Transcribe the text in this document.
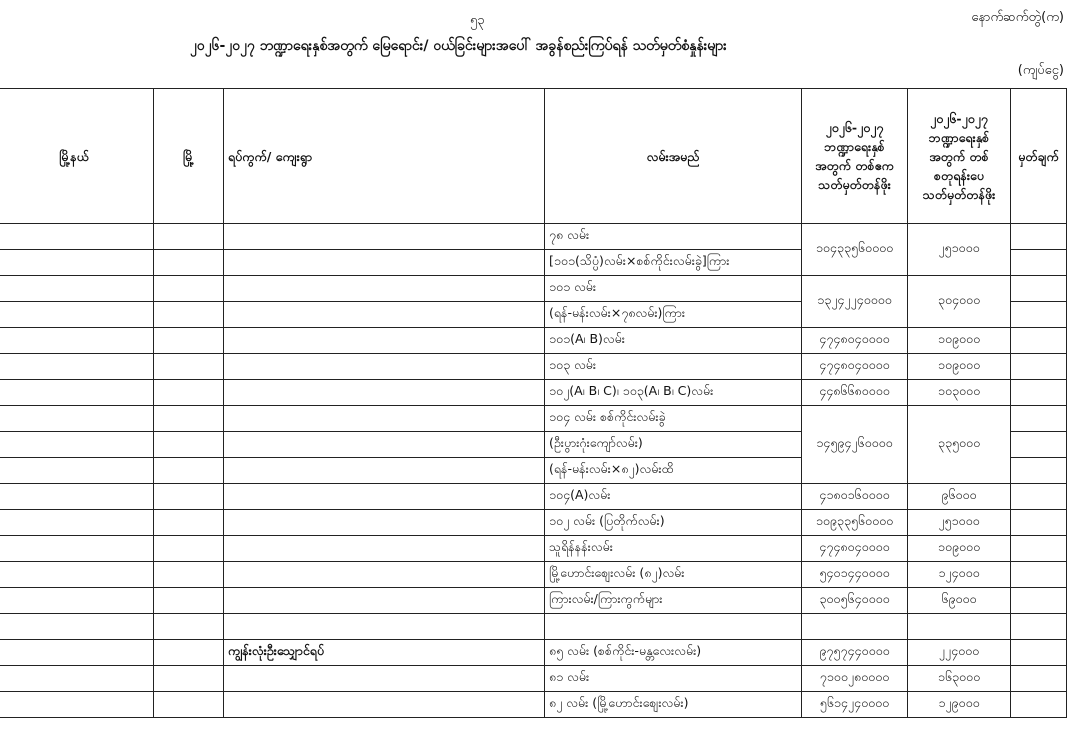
၅၃	နောက်ဆက်တွဲ(က)
၂၀၂၆-၂၀၂၇ ဘဏ္ဍာရေးနှစ်အတွက် မြေရောင်း/ ဝယ်ခြင်းများအပေါ် အခွန်စည်းကြပ်ရန် သတ်မှတ်စံနှုန်းများ
(ကျပ်ငွေ)
မြို့နယ်	မြို့	ရပ်ကွက်/ ကျေးရွာ	လမ်းအမည်	၂၀၂၆-၂၀၂၇ ဘဏ္ဍာရေးနှစ် အတွက် တစ်ဧက သတ်မှတ်တန်ဖိုး	၂၀၂၆-၂၀၂၇ ဘဏ္ဍာရေးနှစ် အတွက် တစ်စတုရန်းပေ သတ်မှတ်တန်ဖိုး	မှတ်ချက်
			၇၈ လမ်း	၁၀၄၃၃၅၆၀၀၀၀	၂၅၁၀၀၀	
			[၁၀၁(သိပ္ပံ)လမ်း×စစ်ကိုင်းလမ်းခွဲ]ကြား			
			၁၀၁ လမ်း	၁၃၂၄၂၂၄၀၀၀၀	၃၀၄၀၀၀	
			(ရန်-မန်းလမ်း×၇၈လမ်း)ကြား			
			၁၀၁(A၊ B)လမ်း	၄၇၄၈၀၄၀၀၀၀	၁၀၉၀၀၀	
			၁၀၃ လမ်း	၄၇၄၈၀၄၀၀၀၀	၁၀၉၀၀၀	
			၁၀၂(A၊ B၊ C)၊ ၁၀၃(A၊ B၊ C)လမ်း	၄၄၈၆၆၈၀၀၀၀	၁၀၃၀၀၀	
			၁၀၄ လမ်း စစ်ကိုင်းလမ်းခွဲ	၁၄၅၉၄၂၆၀၀၀၀	၃၃၅၀၀၀	
			(ဦးပွားဂုံးကျော်လမ်း)			
			(ရန်-မန်းလမ်း×၈၂)လမ်းထိ			
			၁၀၄(A)လမ်း	၄၁၈၀၁၆၀၀၀၀	၉၆၀၀၀	
			၁၀၂ လမ်း (ပြတိုက်လမ်း)	၁၀၉၃၃၅၆၀၀၀၀	၂၅၁၀၀၀	
			သူရိန်နန်းလမ်း	၄၇၄၈၀၄၀၀၀၀	၁၀၉၀၀၀	
			မြို့ဟောင်းစျေးလမ်း (၈၂)လမ်း	၅၄၀၁၄၄၀၀၀၀	၁၂၄၀၀၀	
			ကြားလမ်း/ကြားကွက်များ	၃၀၀၅၆၄၀၀၀၀	၆၉၀၀၀	

		ကျွန်းလုံးဦးသျှောင်ရပ်	၈၅ လမ်း (စစ်ကိုင်း-မန္တလေးလမ်း)	၉၇၅၇၄၄၀၀၀၀	၂၂၄၀၀၀	
			၈၁ လမ်း	၇၁၀၀၂၈၀၀၀၀	၁၆၃၀၀၀	
			၈၂ လမ်း (မြို့ဟောင်းစျေးလမ်း)	၅၆၁၄၂၄၀၀၀၀	၁၂၉၀၀၀	
